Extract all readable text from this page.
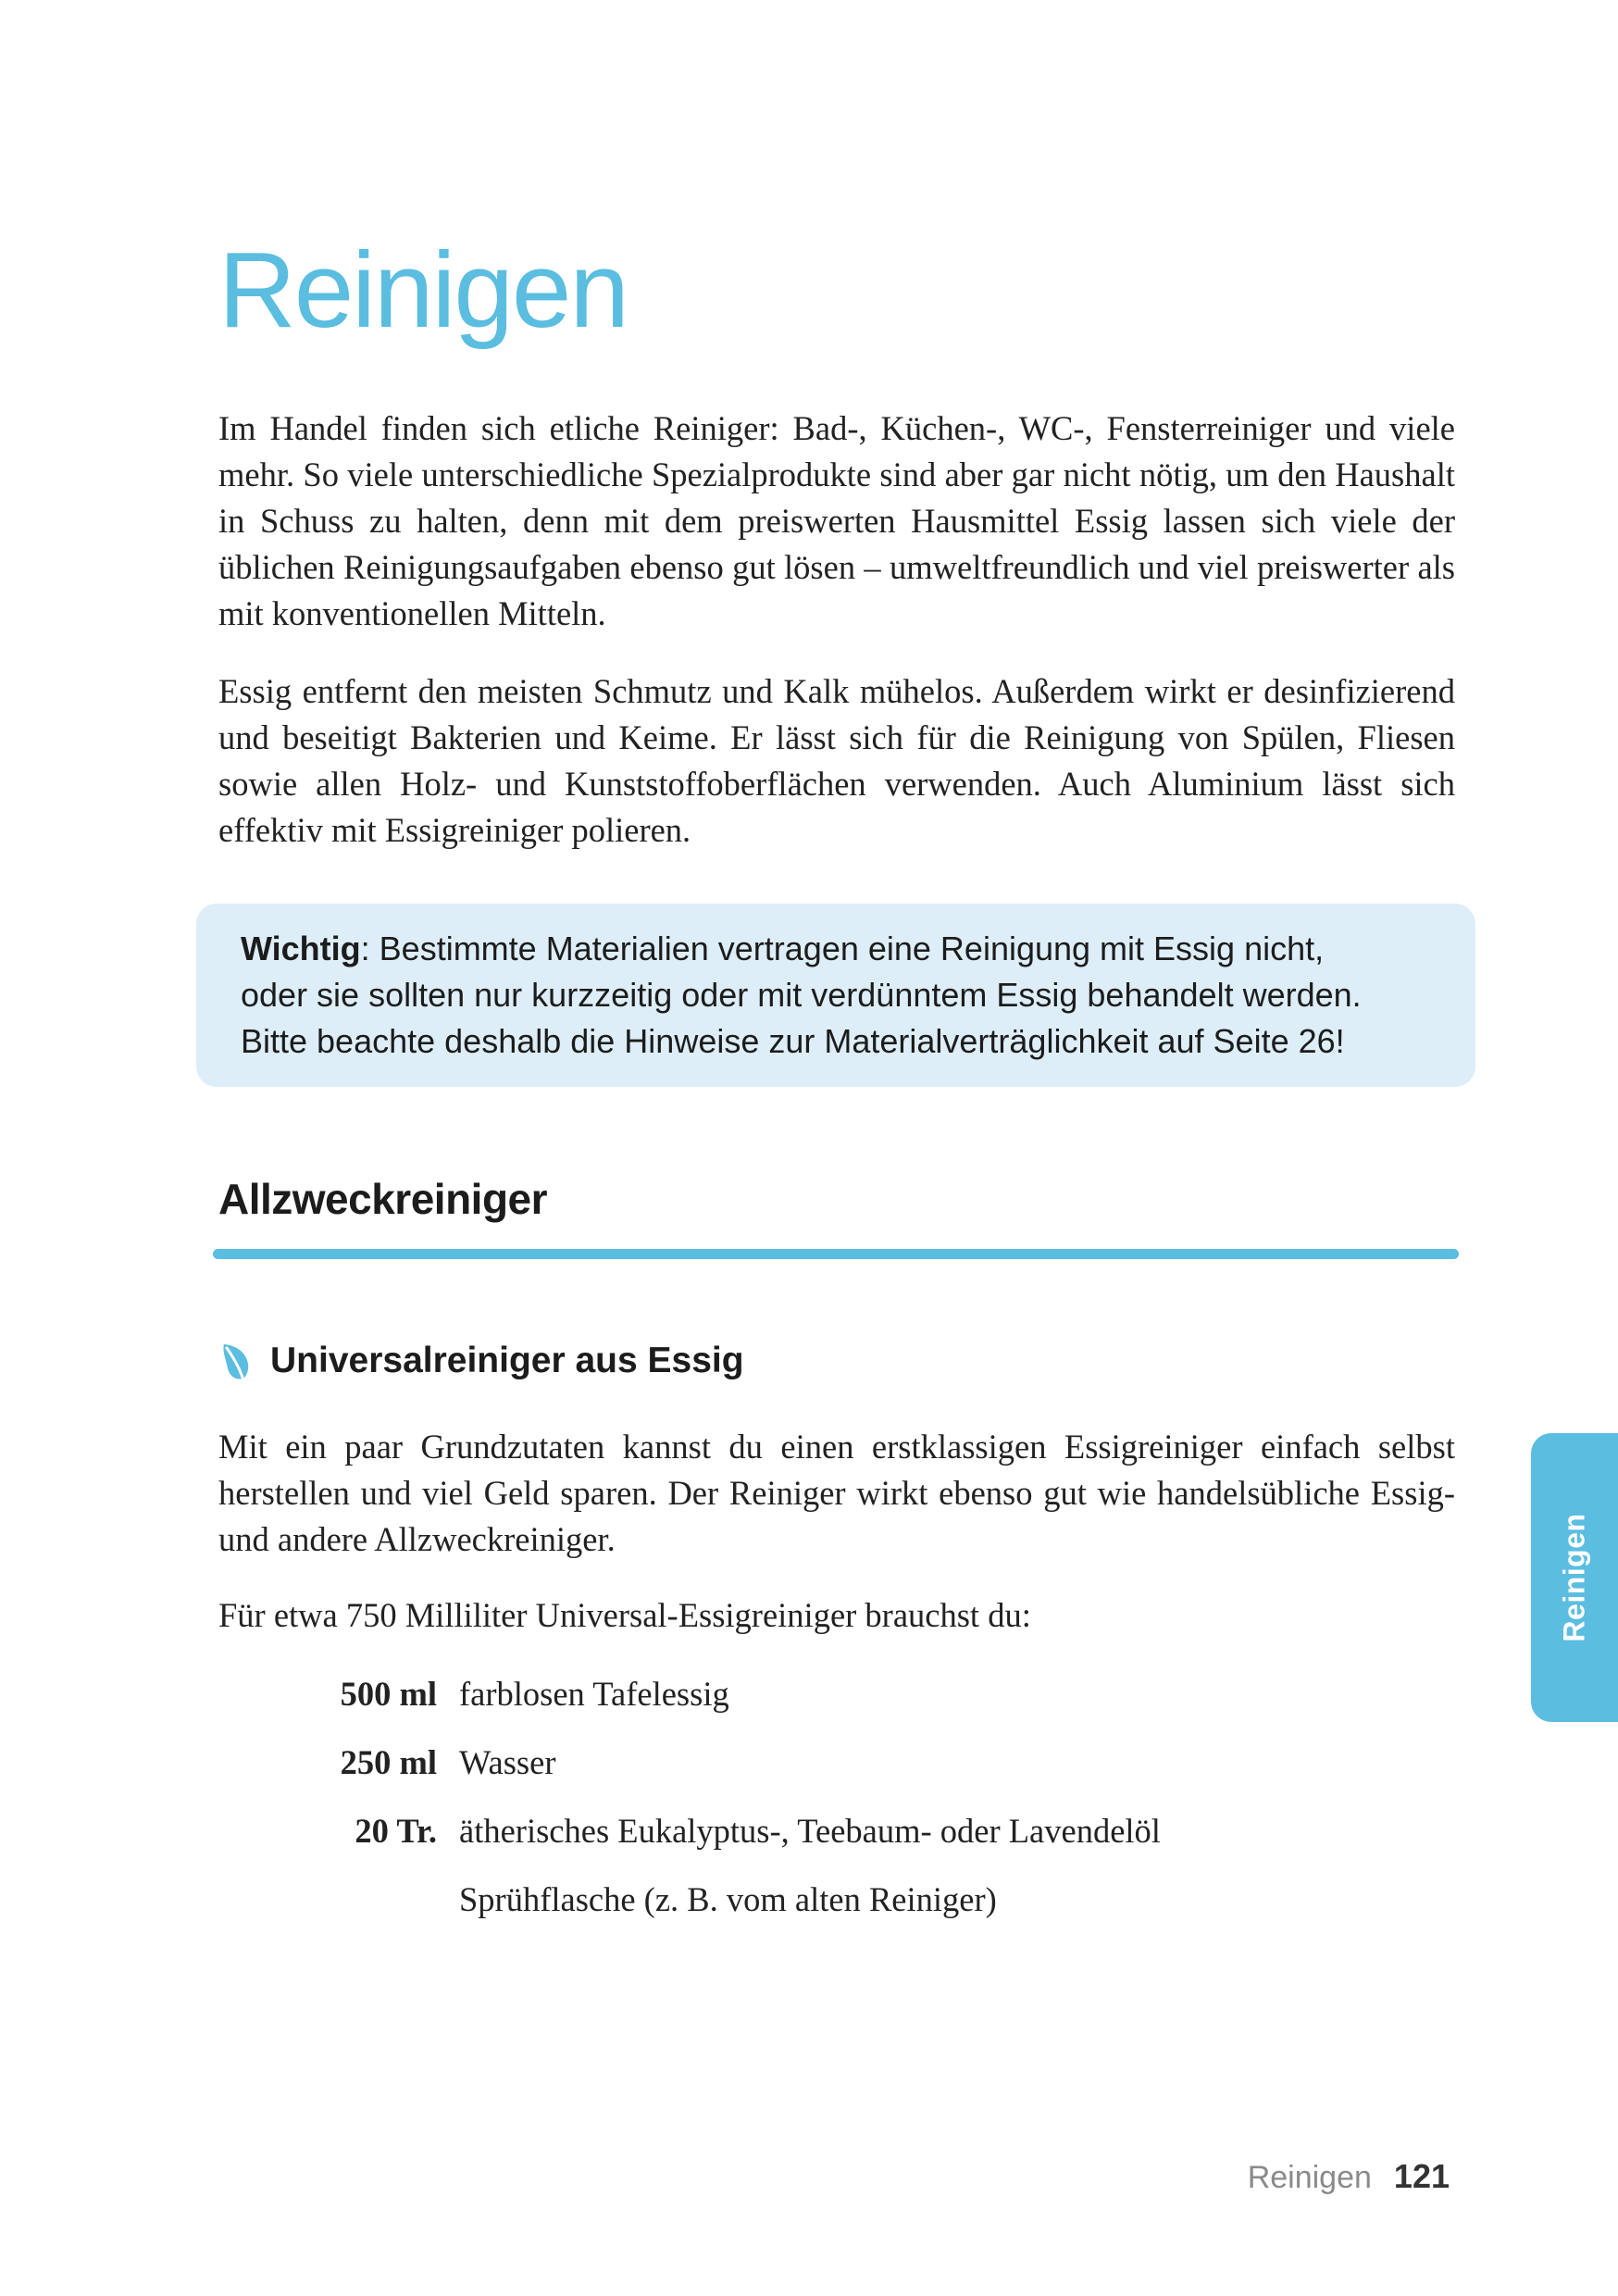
Reinigen

Im Handel finden sich etliche Reiniger: Bad-, Küchen-, WC-, Fensterreiniger und viele mehr. So viele unterschiedliche Spezialprodukte sind aber gar nicht nötig, um den Haushalt in Schuss zu halten, denn mit dem preiswerten Hausmittel Essig lassen sich viele der üblichen Reinigungsaufgaben ebenso gut lösen – umweltfreundlich und viel preiswerter als mit konventionellen Mitteln.

Essig entfernt den meisten Schmutz und Kalk mühelos. Außerdem wirkt er desinfizierend und beseitigt Bakterien und Keime. Er lässt sich für die Reinigung von Spülen, Fliesen sowie allen Holz- und Kunststoffoberflächen verwenden. Auch Aluminium lässt sich effektiv mit Essigreiniger polieren.

Wichtig: Bestimmte Materialien vertragen eine Reinigung mit Essig nicht,
oder sie sollten nur kurzzeitig oder mit verdünntem Essig behandelt werden.
Bitte beachte deshalb die Hinweise zur Materialverträglichkeit auf Seite 26!
Allzweckreiniger
Universalreiniger aus Essig

Mit ein paar Grundzutaten kannst du einen erstklassigen Essigreiniger einfach selbst herstellen und viel Geld sparen. Der Reiniger wirkt ebenso gut wie handelsübliche Essig- und andere Allzweckreiniger.

Für etwa 750 Milliliter Universal-Essigreiniger brauchst du:

500 ml farblosen Tafelessig
250 ml Wasser
20 Tr. ätherisches Eukalyptus-, Teebaum- oder Lavendelöl
Sprühflasche (z. B. vom alten Reiniger)
Reinigen
Reinigen 121
